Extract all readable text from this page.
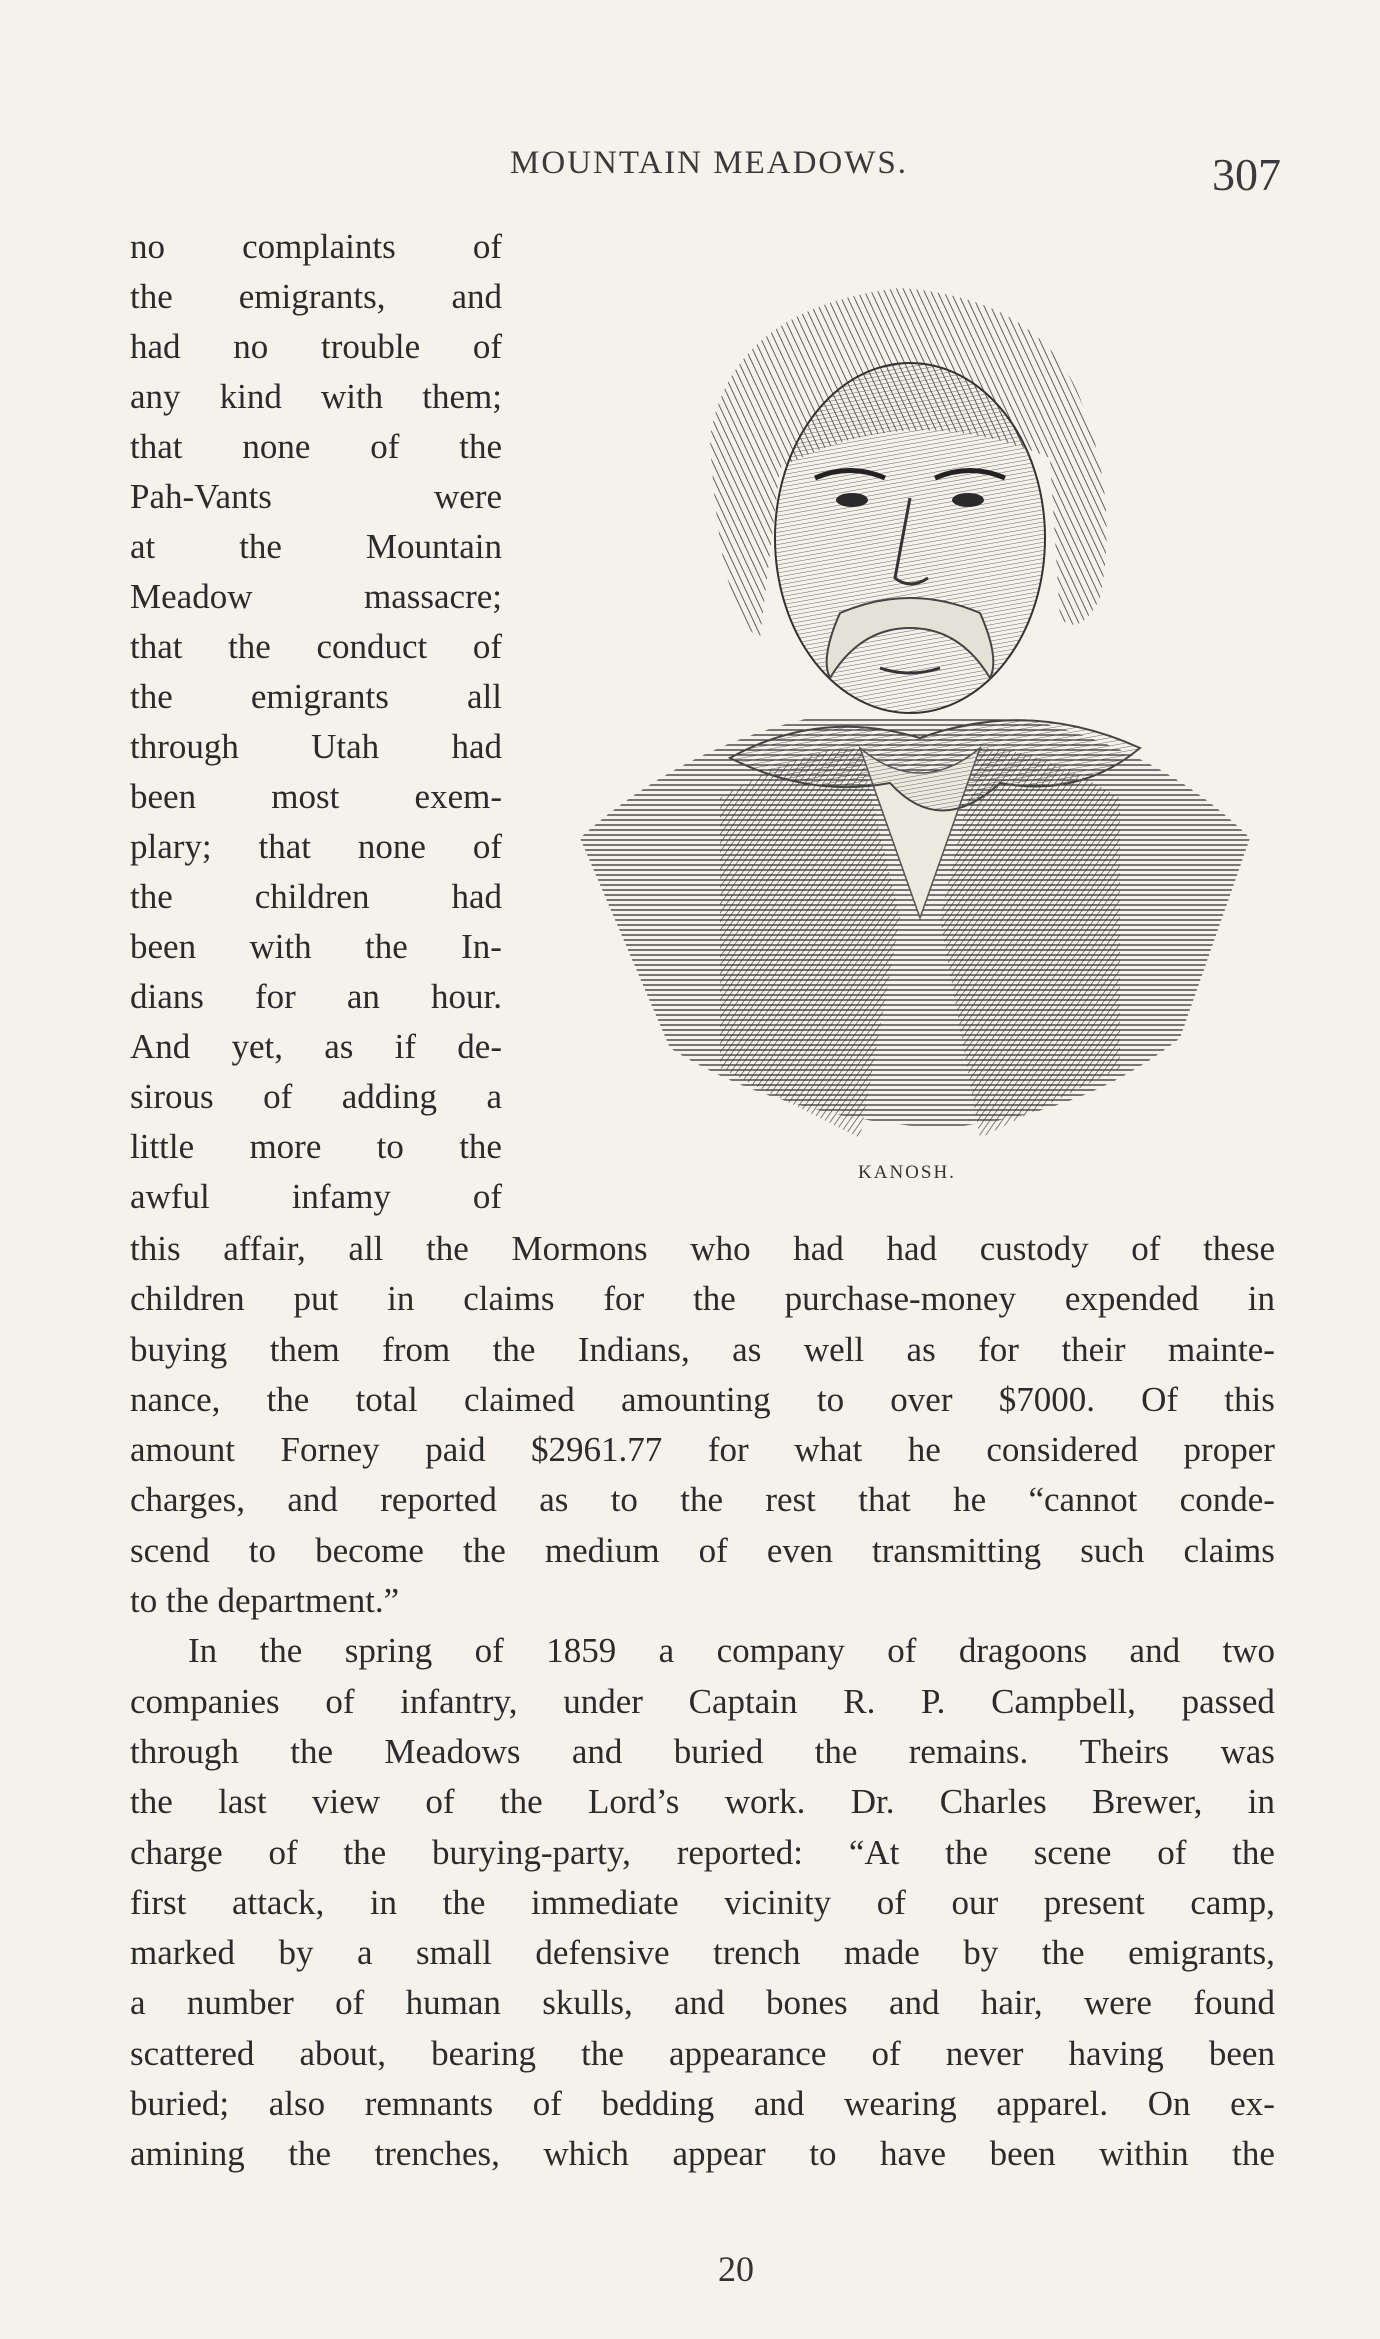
MOUNTAIN MEADOWS.	307
no complaints of
the emigrants, and
had no trouble of
any kind with them;
that none of the
Pah-Vants	were
at the Mountain
Meadow	massacre;
that the conduct of
the emigrants all
through Utah had
been most exem-
plary; that none of
the children had
been with the In-
dians for an hour.
And yet, as if de-
sirous of adding a
little more to the
awful infamy of
KANOSH.
this affair, all the Mormons who had had custody of these
children put in claims for the purchase-money expended in
buying them from the Indians, as well as for their mainte-
nance, the total claimed amounting to over $7000. Of this
amount Forney paid $2961.77 for what he considered proper
charges, and reported as to the rest that he “cannot conde-
scend to become the medium of even transmitting such claims
to the department.”
In the spring of 1859 a company of dragoons and two
companies of infantry, under Captain R. P. Campbell, passed
through the Meadows and buried the remains. Theirs was
the last view of the Lord’s work. Dr. Charles Brewer, in
charge of the burying-party, reported: “At the scene of the
first attack, in the immediate vicinity of our present camp,
marked by a small defensive trench made by the emigrants,
a number of human skulls, and bones and hair, were found
scattered about, bearing the appearance of never having been
buried; also remnants of bedding and wearing apparel. On ex-
amining the trenches, which appear to have been within the
20
